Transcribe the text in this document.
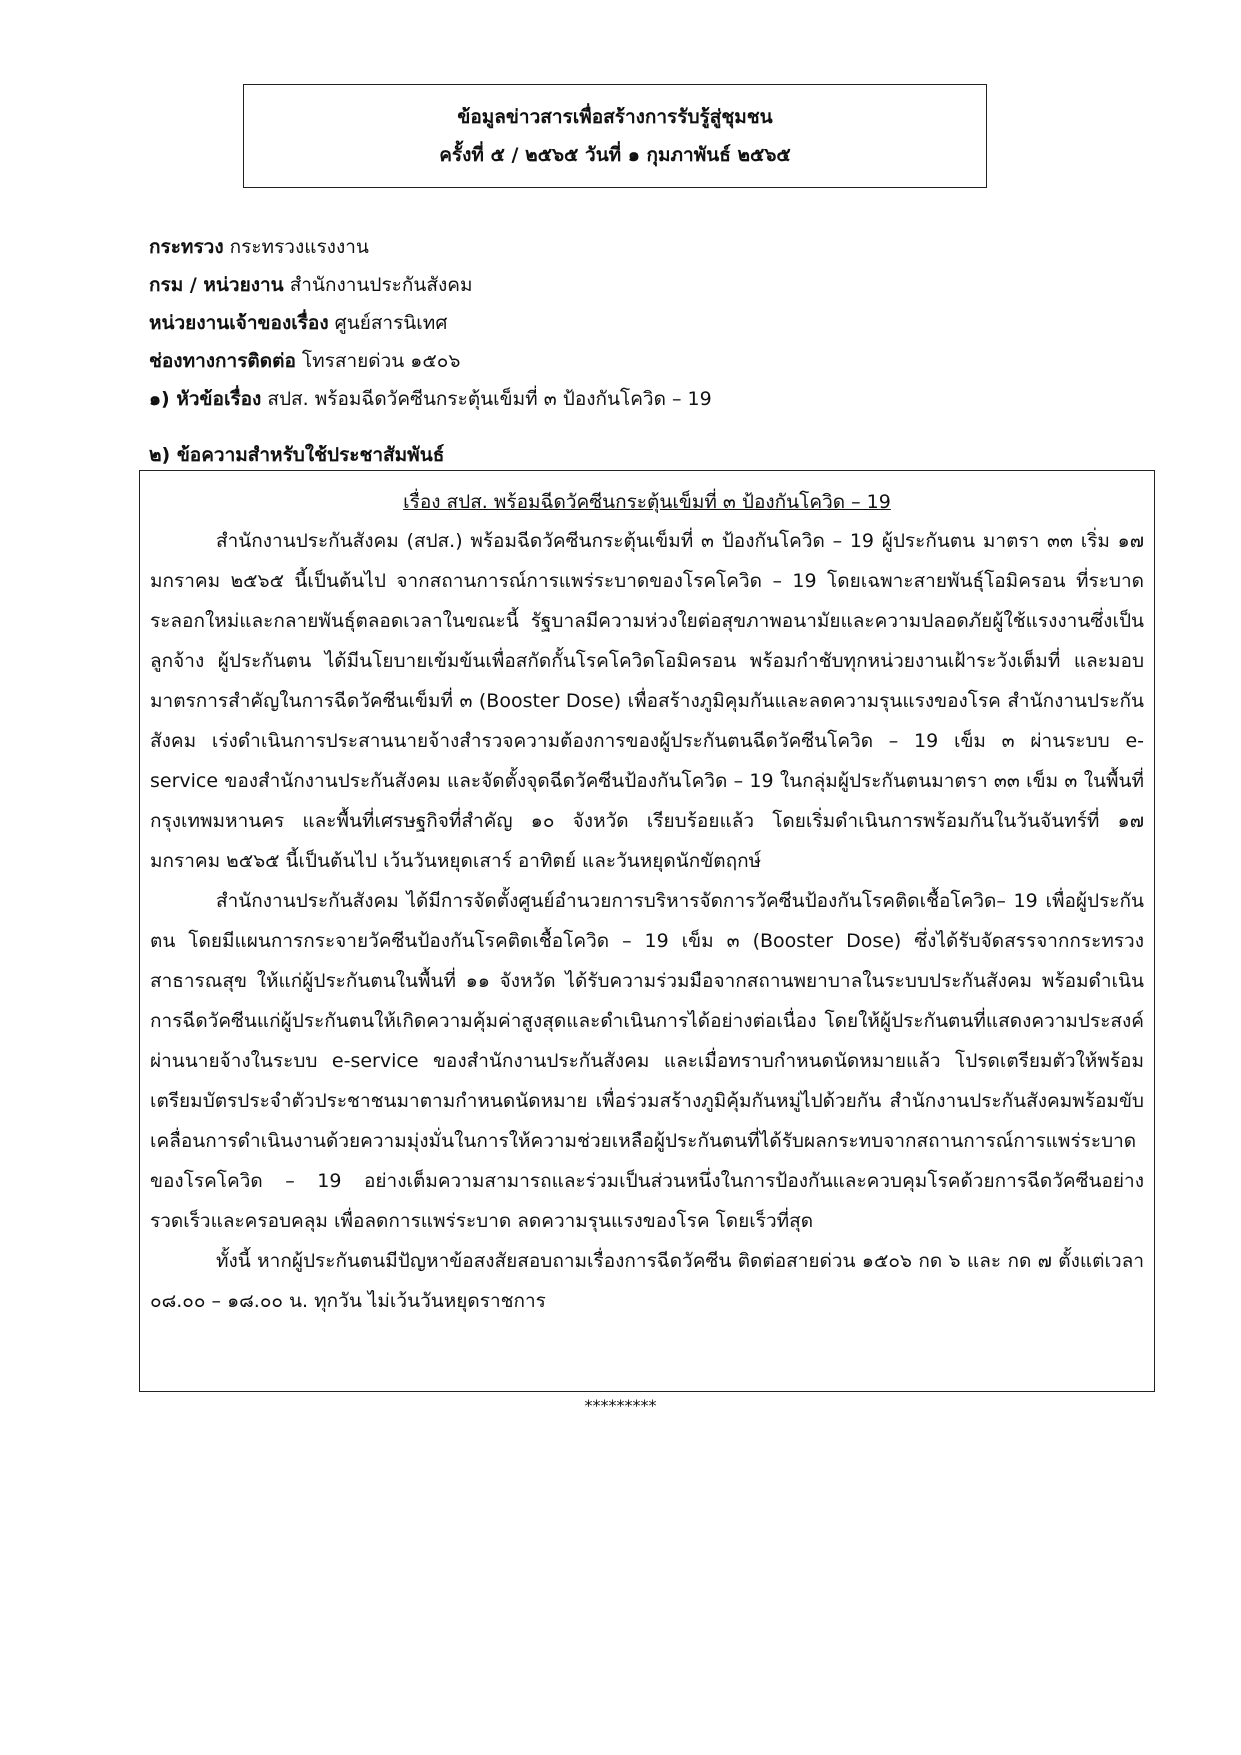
ข้อมูลข่าวสารเพื่อสร้างการรับรู้สู่ชุมชน
ครั้งที่ ๕ / ๒๕๖๕ วันที่ ๑ กุมภาพันธ์ ๒๕๖๕
กระทรวง กระทรวงแรงงาน
กรม / หน่วยงาน สำนักงานประกันสังคม
หน่วยงานเจ้าของเรื่อง ศูนย์สารนิเทศ
ช่องทางการติดต่อ โทรสายด่วน ๑๕๐๖
๑) หัวข้อเรื่อง สปส. พร้อมฉีดวัคซีนกระตุ้นเข็มที่ ๓ ป้องกันโควิด – 19
๒) ข้อความสำหรับใช้ประชาสัมพันธ์

เรื่อง สปส. พร้อมฉีดวัคซีนกระตุ้นเข็มที่ ๓ ป้องกันโควิด – 19

สำนักงานประกันสังคม (สปส.) พร้อมฉีดวัคซีนกระตุ้นเข็มที่ ๓ ป้องกันโควิด – 19 ผู้ประกันตน มาตรา ๓๓ เริ่ม ๑๗ มกราคม ๒๕๖๕ นี้เป็นต้นไป จากสถานการณ์การแพร่ระบาดของโรคโควิด – 19 โดยเฉพาะสายพันธุ์โอมิครอน ที่ระบาดระลอกใหม่และกลายพันธุ์ตลอดเวลาในขณะนี้ รัฐบาลมีความห่วงใยต่อสุขภาพอนามัยและความปลอดภัยผู้ใช้แรงงานซึ่งเป็นลูกจ้าง ผู้ประกันตน ได้มีนโยบายเข้มข้นเพื่อสกัดกั้นโรคโควิดโอมิครอน พร้อมกำชับทุกหน่วยงานเฝ้าระวังเต็มที่ และมอบมาตรการสำคัญในการฉีดวัคซีนเข็มที่ ๓ (Booster Dose) เพื่อสร้างภูมิคุมกันและลดความรุนแรงของโรค สำนักงานประกันสังคม เร่งดำเนินการประสานนายจ้างสำรวจความต้องการของผู้ประกันตนฉีดวัคซีนโควิด – 19 เข็ม ๓ ผ่านระบบ e-service ของสำนักงานประกันสังคม และจัดตั้งจุดฉีดวัคซีนป้องกันโควิด – 19 ในกลุ่มผู้ประกันตนมาตรา ๓๓ เข็ม ๓ ในพื้นที่กรุงเทพมหานคร และพื้นที่เศรษฐกิจที่สำคัญ ๑๐ จังหวัด เรียบร้อยแล้ว โดยเริ่มดำเนินการพร้อมกันในวันจันทร์ที่ ๑๗ มกราคม ๒๕๖๕ นี้เป็นต้นไป เว้นวันหยุดเสาร์ อาทิตย์ และวันหยุดนักขัตฤกษ์

สำนักงานประกันสังคม ได้มีการจัดตั้งศูนย์อำนวยการบริหารจัดการวัคซีนป้องกันโรคติดเชื้อโควิด– 19 เพื่อผู้ประกันตน โดยมีแผนการกระจายวัคซีนป้องกันโรคติดเชื้อโควิด – 19 เข็ม ๓ (Booster Dose) ซึ่งได้รับจัดสรรจากกระทรวงสาธารณสุข ให้แก่ผู้ประกันตนในพื้นที่ ๑๑ จังหวัด ได้รับความร่วมมือจากสถานพยาบาลในระบบประกันสังคม พร้อมดำเนินการฉีดวัคซีนแก่ผู้ประกันตนให้เกิดความคุ้มค่าสูงสุดและดำเนินการได้อย่างต่อเนื่อง โดยให้ผู้ประกันตนที่แสดงความประสงค์ผ่านนายจ้างในระบบ e-service ของสำนักงานประกันสังคม และเมื่อทราบกำหนดนัดหมายแล้ว โปรดเตรียมตัวให้พร้อม เตรียมบัตรประจำตัวประชาชนมาตามกำหนดนัดหมาย เพื่อร่วมสร้างภูมิคุ้มกันหมู่ไปด้วยกัน สำนักงานประกันสังคมพร้อมขับเคลื่อนการดำเนินงานด้วยความมุ่งมั่นในการให้ความช่วยเหลือผู้ประกันตนที่ได้รับผลกระทบจากสถานการณ์การแพร่ระบาดของโรคโควิด – 19 อย่างเต็มความสามารถและร่วมเป็นส่วนหนึ่งในการป้องกันและควบคุมโรคด้วยการฉีดวัคซีนอย่างรวดเร็วและครอบคลุม เพื่อลดการแพร่ระบาด ลดความรุนแรงของโรค โดยเร็วที่สุด

ทั้งนี้ หากผู้ประกันตนมีปัญหาข้อสงสัยสอบถามเรื่องการฉีดวัคซีน ติดต่อสายด่วน ๑๕๐๖ กด ๖ และ กด ๗ ตั้งแต่เวลา ๐๘.๐๐ – ๑๘.๐๐ น. ทุกวัน ไม่เว้นวันหยุดราชการ

*********
